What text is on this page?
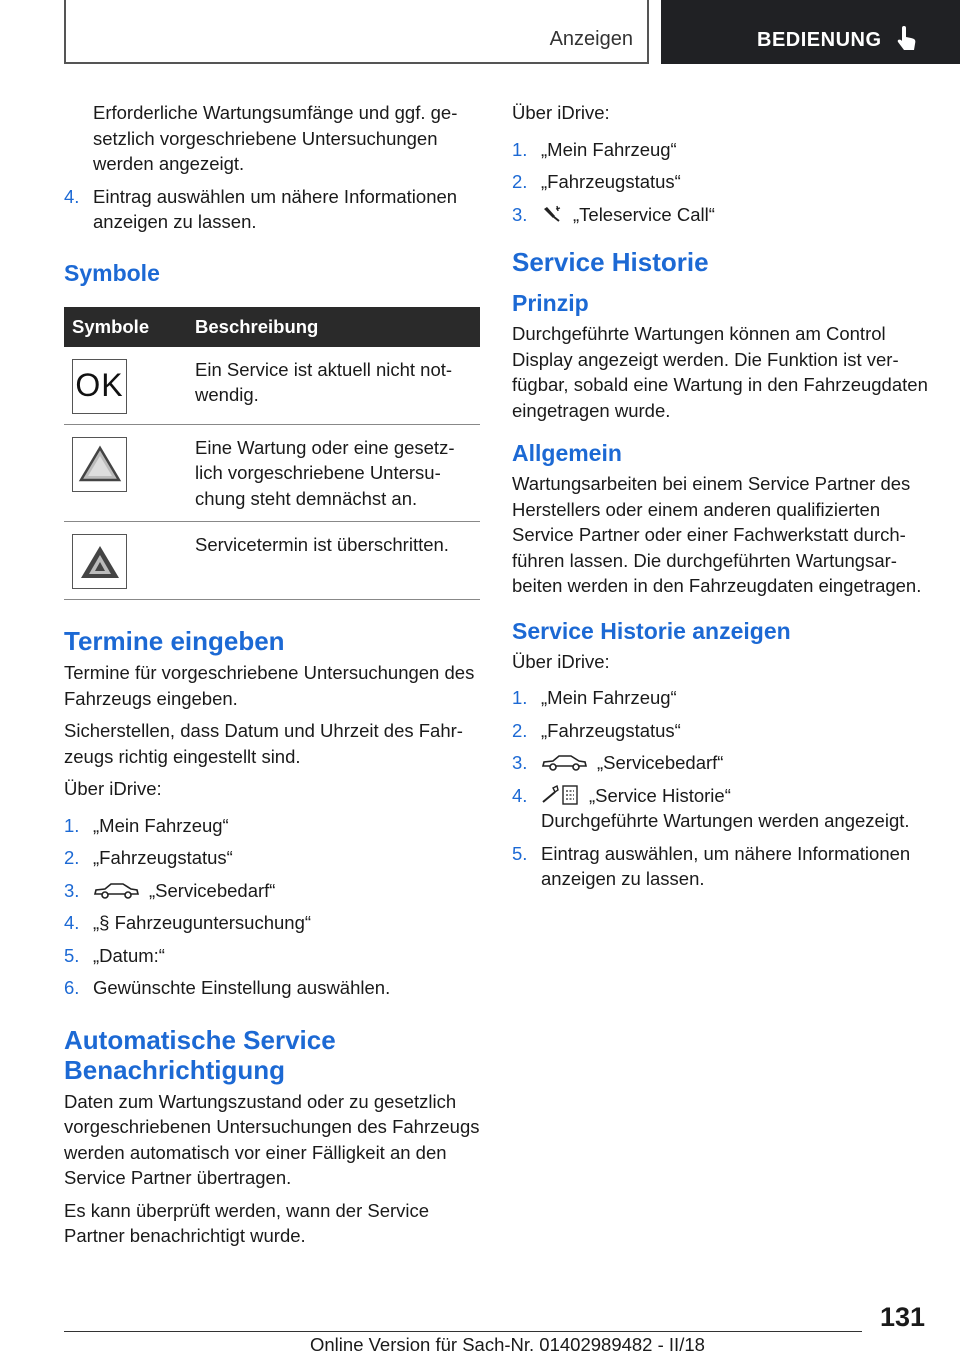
Anzeigen	BEDIENUNG

Erforderliche Wartungsumfänge und ggf. gesetzlich vorgeschriebene Untersuchungen werden angezeigt.

4. Eintrag auswählen um nähere Informationen anzeigen zu lassen.
Symbole
Symbole	Beschreibung

OK	Ein Service ist aktuell nicht notwendig.

	Eine Wartung oder eine gesetzlich vorgeschriebene Untersuchung steht demnächst an.

	Servicetermin ist überschritten.
Termine eingeben

Termine für vorgeschriebene Untersuchungen des Fahrzeugs eingeben.

Sicherstellen, dass Datum und Uhrzeit des Fahrzeugs richtig eingestellt sind.

Über iDrive:

1. „Mein Fahrzeug“
2. „Fahrzeugstatus“
3.	„Servicebedarf“
4. „§ Fahrzeuguntersuchung“
5. „Datum:“
6. Gewünschte Einstellung auswählen.
Automatische Service Benachrichtigung

Daten zum Wartungszustand oder zu gesetzlich vorgeschriebenen Untersuchungen des Fahrzeugs werden automatisch vor einer Fälligkeit an den Service Partner übertragen.

Es kann überprüft werden, wann der Service Partner benachrichtigt wurde.

Über iDrive:

1. „Mein Fahrzeug“
2. „Fahrzeugstatus“
3. „Teleservice Call“
Service Historie
Prinzip

Durchgeführte Wartungen können am Control Display angezeigt werden. Die Funktion ist verfügbar, sobald eine Wartung in den Fahrzeugdaten eingetragen wurde.

Allgemein

Wartungsarbeiten bei einem Service Partner des Herstellers oder einem anderen qualifizierten Service Partner oder einer Fachwerkstatt durchführen lassen. Die durchgeführten Wartungsarbeiten werden in den Fahrzeugdaten eingetragen.

Service Historie anzeigen

Über iDrive:

1. „Mein Fahrzeug“
2. „Fahrzeugstatus“
3.	„Servicebedarf“
4.	„Service Historie“
Durchgeführte Wartungen werden angezeigt.
5. Eintrag auswählen, um nähere Informationen anzeigen zu lassen.
131
Online Version für Sach-Nr. 01402989482 - II/18
